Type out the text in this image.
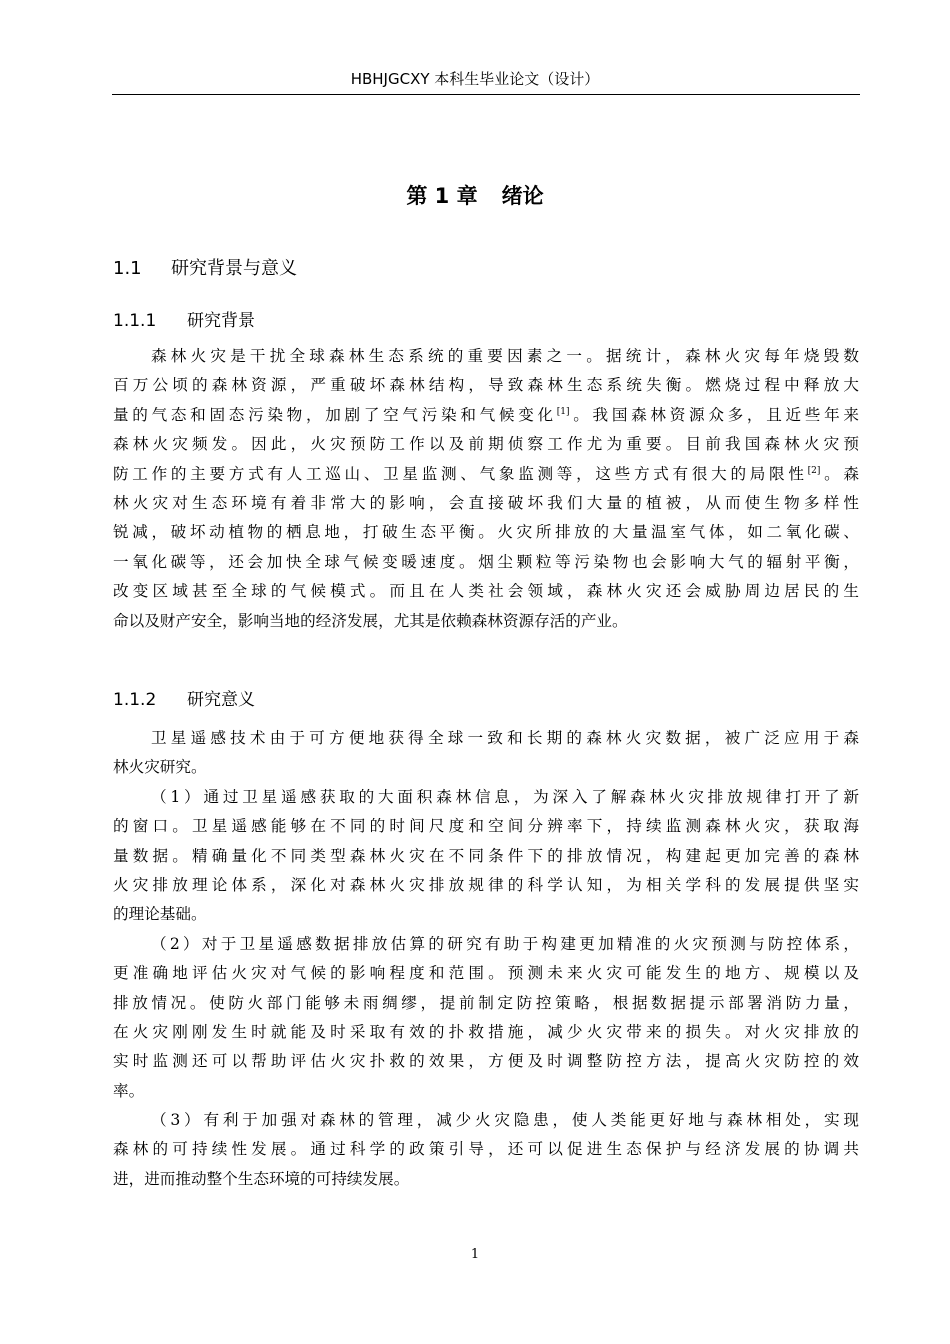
HBHJGCXY 本科生毕业论文（设计）
第 1 章 绪论
1.1 研究背景与意义
1.1.1 研究背景
森林火灾是干扰全球森林生态系统的重要因素之一。据统计，森林火灾每年烧毁数
百万公顷的森林资源，严重破坏森林结构，导致森林生态系统失衡。燃烧过程中释放大
量的气态和固态污染物，加剧了空气污染和气候变化[1]。我国森林资源众多，且近些年来
森林火灾频发。因此，火灾预防工作以及前期侦察工作尤为重要。目前我国森林火灾预
防工作的主要方式有人工巡山、卫星监测、气象监测等，这些方式有很大的局限性[2]。森
林火灾对生态环境有着非常大的影响，会直接破坏我们大量的植被，从而使生物多样性
锐减，破坏动植物的栖息地，打破生态平衡。火灾所排放的大量温室气体，如二氧化碳、
一氧化碳等，还会加快全球气候变暖速度。烟尘颗粒等污染物也会影响大气的辐射平衡，
改变区域甚至全球的气候模式。而且在人类社会领域，森林火灾还会威胁周边居民的生
命以及财产安全，影响当地的经济发展，尤其是依赖森林资源存活的产业。
1.1.2 研究意义
卫星遥感技术由于可方便地获得全球一致和长期的森林火灾数据，被广泛应用于森
林火灾研究。
（1）通过卫星遥感获取的大面积森林信息，为深入了解森林火灾排放规律打开了新
的窗口。卫星遥感能够在不同的时间尺度和空间分辨率下，持续监测森林火灾，获取海
量数据。精确量化不同类型森林火灾在不同条件下的排放情况，构建起更加完善的森林
火灾排放理论体系，深化对森林火灾排放规律的科学认知，为相关学科的发展提供坚实
的理论基础。
（2）对于卫星遥感数据排放估算的研究有助于构建更加精准的火灾预测与防控体系，
更准确地评估火灾对气候的影响程度和范围。预测未来火灾可能发生的地方、规模以及
排放情况。使防火部门能够未雨绸缪，提前制定防控策略，根据数据提示部署消防力量，
在火灾刚刚发生时就能及时采取有效的扑救措施，减少火灾带来的损失。对火灾排放的
实时监测还可以帮助评估火灾扑救的效果，方便及时调整防控方法，提高火灾防控的效
率。
（3）有利于加强对森林的管理，减少火灾隐患，使人类能更好地与森林相处，实现
森林的可持续性发展。通过科学的政策引导，还可以促进生态保护与经济发展的协调共
进，进而推动整个生态环境的可持续发展。
1
